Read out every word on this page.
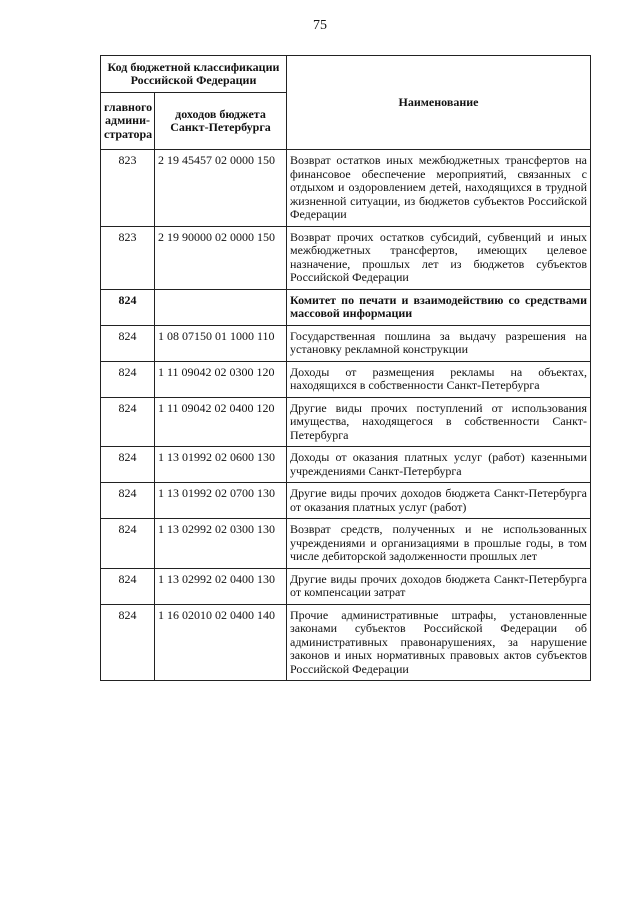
75
Код бюджетной классификации Российской Федерации		Наименование
главного админи-стратора	доходов бюджета Санкт-Петербурга	
823	2 19 45457 02 0000 150	Возврат остатков иных межбюджетных трансфертов на финансовое обеспечение мероприятий, связанных с отдыхом и оздоровлением детей, находящихся в трудной жизненной ситуации, из бюджетов субъектов Российской Федерации
823	2 19 90000 02 0000 150	Возврат прочих остатков субсидий, субвенций и иных межбюджетных трансфертов, имеющих целевое назначение, прошлых лет из бюджетов субъектов Российской Федерации
824		Комитет по печати и взаимодействию со средствами массовой информации
824	1 08 07150 01 1000 110	Государственная пошлина за выдачу разрешения на установку рекламной конструкции
824	1 11 09042 02 0300 120	Доходы от размещения рекламы на объектах, находящихся в собственности Санкт-Петербурга
824	1 11 09042 02 0400 120	Другие виды прочих поступлений от использования имущества, находящегося в собственности Санкт-Петербурга
824	1 13 01992 02 0600 130	Доходы от оказания платных услуг (работ) казенными учреждениями Санкт-Петербурга
824	1 13 01992 02 0700 130	Другие виды прочих доходов бюджета Санкт-Петербурга от оказания платных услуг (работ)
824	1 13 02992 02 0300 130	Возврат средств, полученных и не использованных учреждениями и организациями в прошлые годы, в том числе дебиторской задолженности прошлых лет
824	1 13 02992 02 0400 130	Другие виды прочих доходов бюджета Санкт-Петербурга от компенсации затрат
824	1 16 02010 02 0400 140	Прочие административные штрафы, установленные законами субъектов Российской Федерации об административных правонарушениях, за нарушение законов и иных нормативных правовых актов субъектов Российской Федерации
